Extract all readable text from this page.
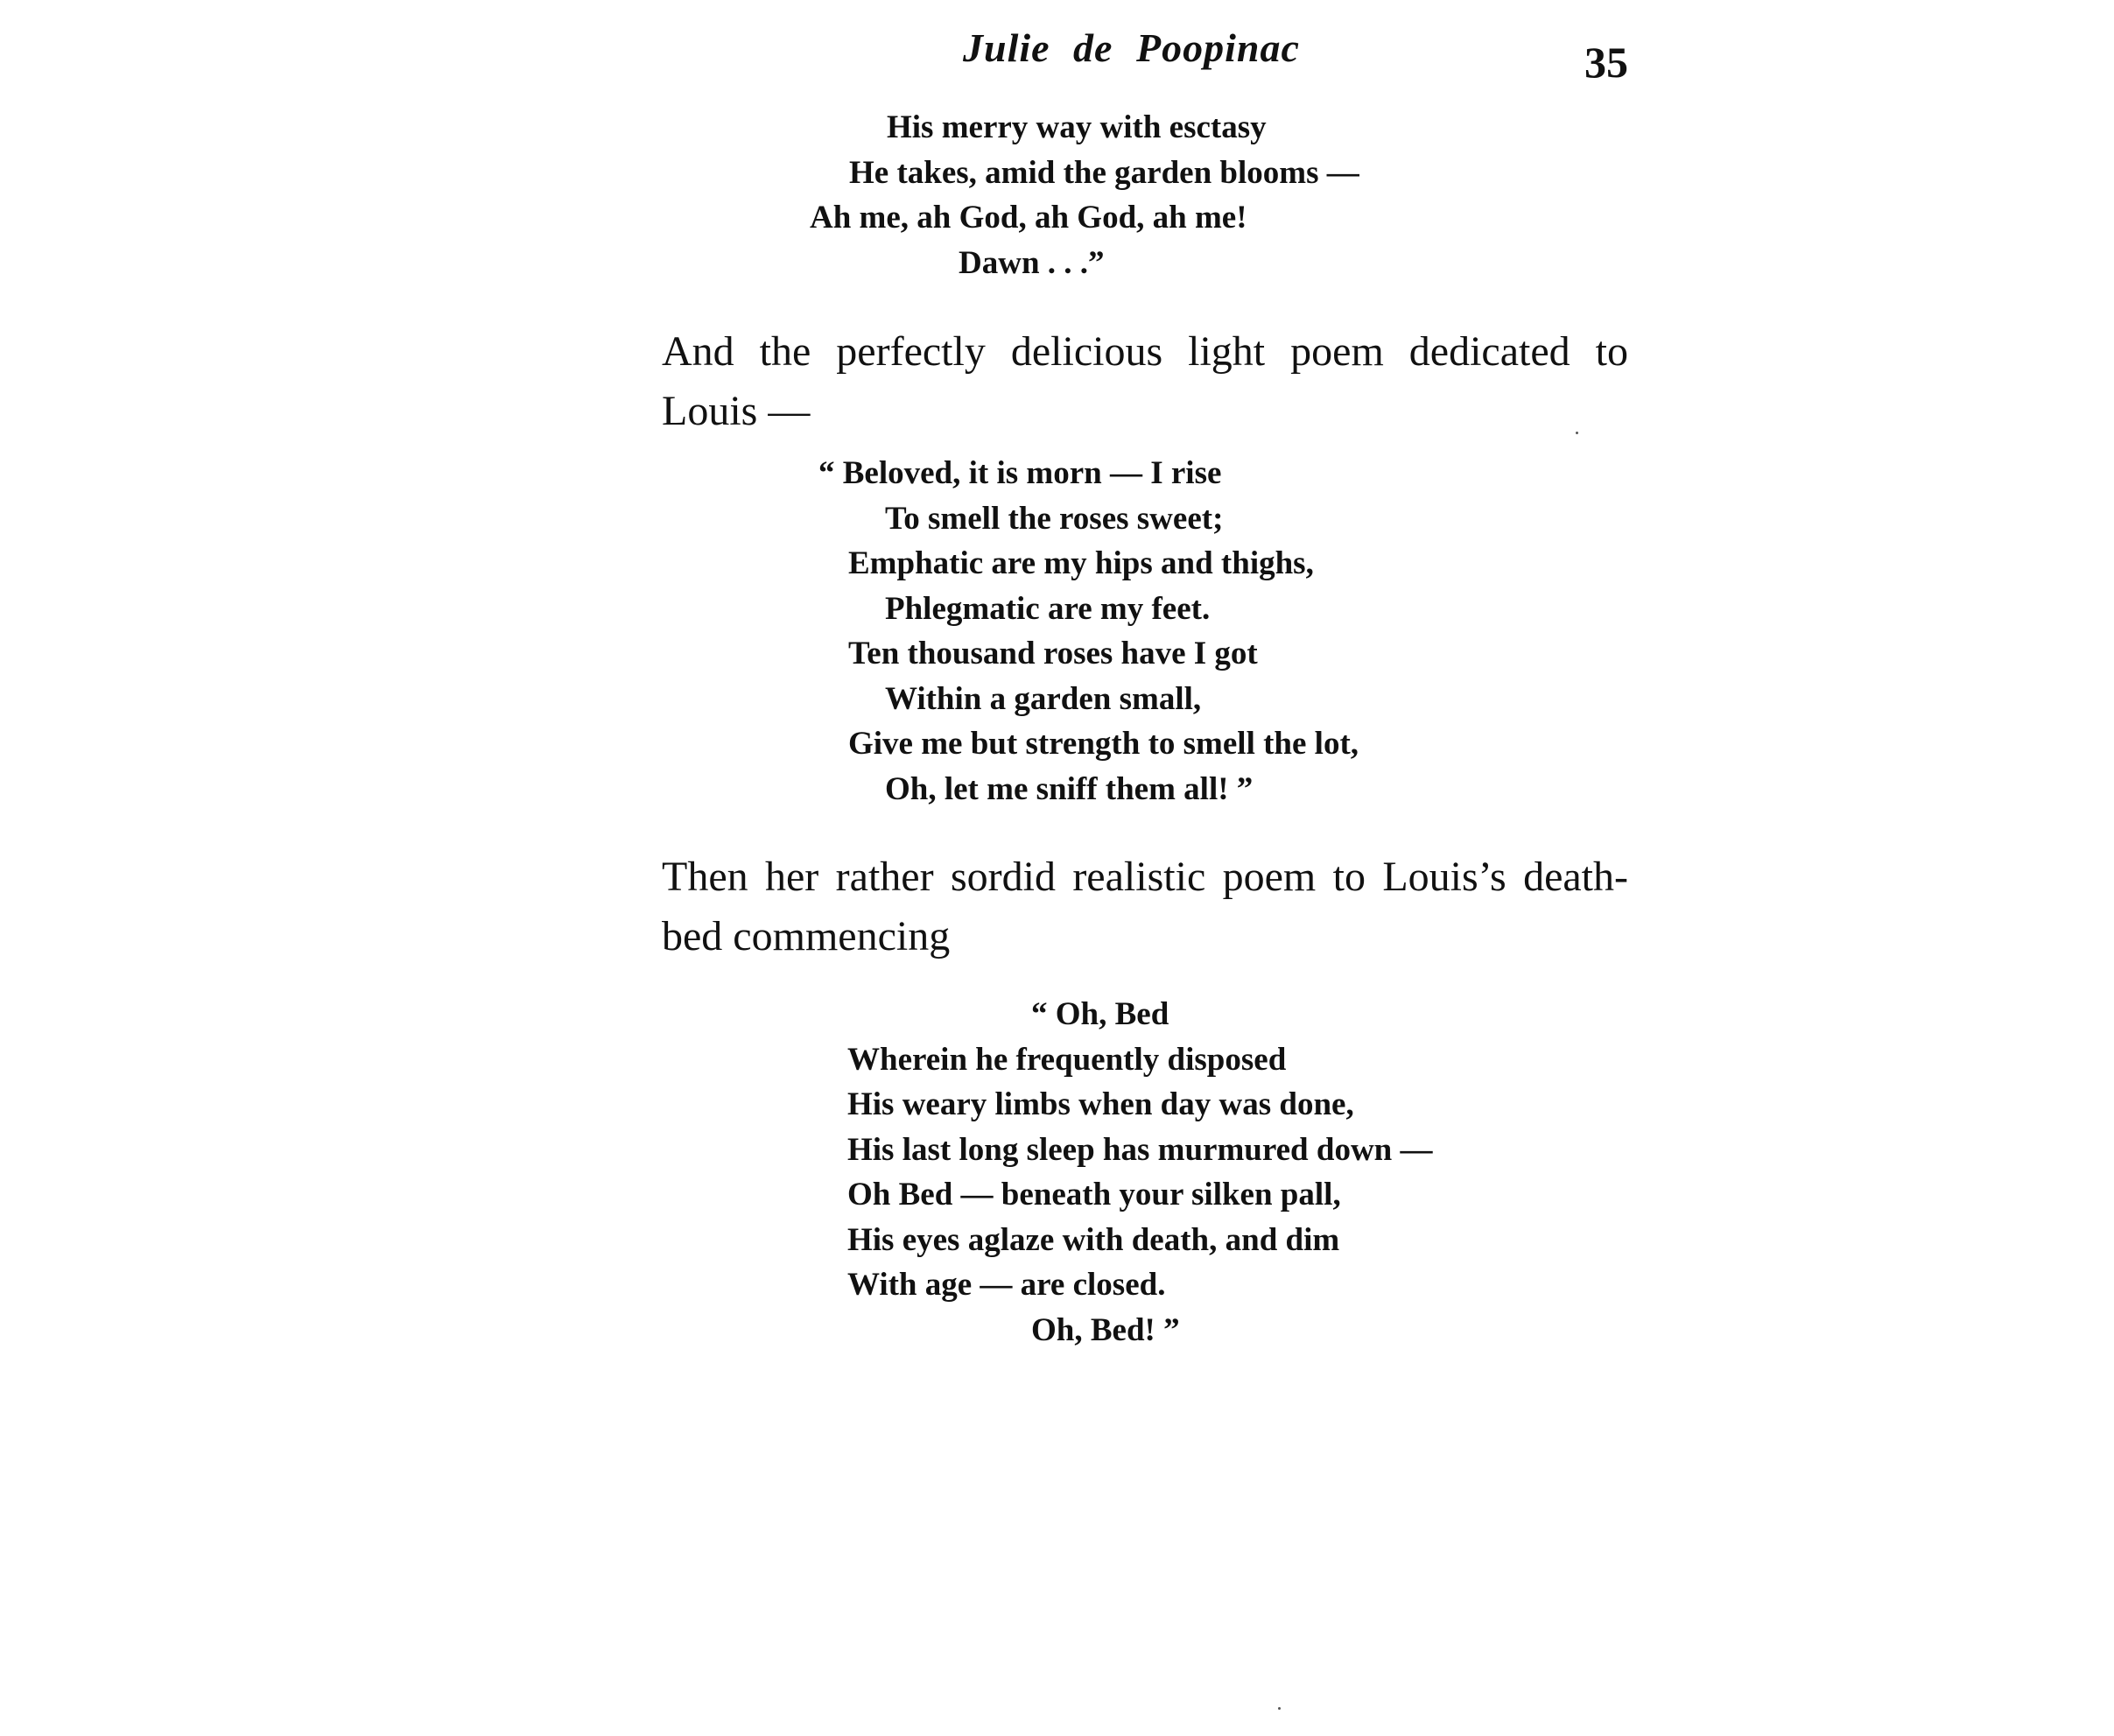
Julie de Poopinac	35
His merry way with esctasy
He takes, amid the garden blooms —
Ah me, ah God, ah God, ah me!
Dawn . . .”

And the perfectly delicious light poem dedicated to Louis —

“ Beloved, it is morn — I rise
To smell the roses sweet;
Emphatic are my hips and thighs,
Phlegmatic are my feet.
Ten thousand roses have I got
Within a garden small,
Give me but strength to smell the lot,
Oh, let me sniff them all! ”

Then her rather sordid realistic poem to Louis’s death-bed commencing

“ Oh, Bed
Wherein he frequently disposed
His weary limbs when day was done,
His last long sleep has murmured down —
Oh Bed — beneath your silken pall,
His eyes aglaze with death, and dim
With age — are closed.
Oh, Bed! ”
